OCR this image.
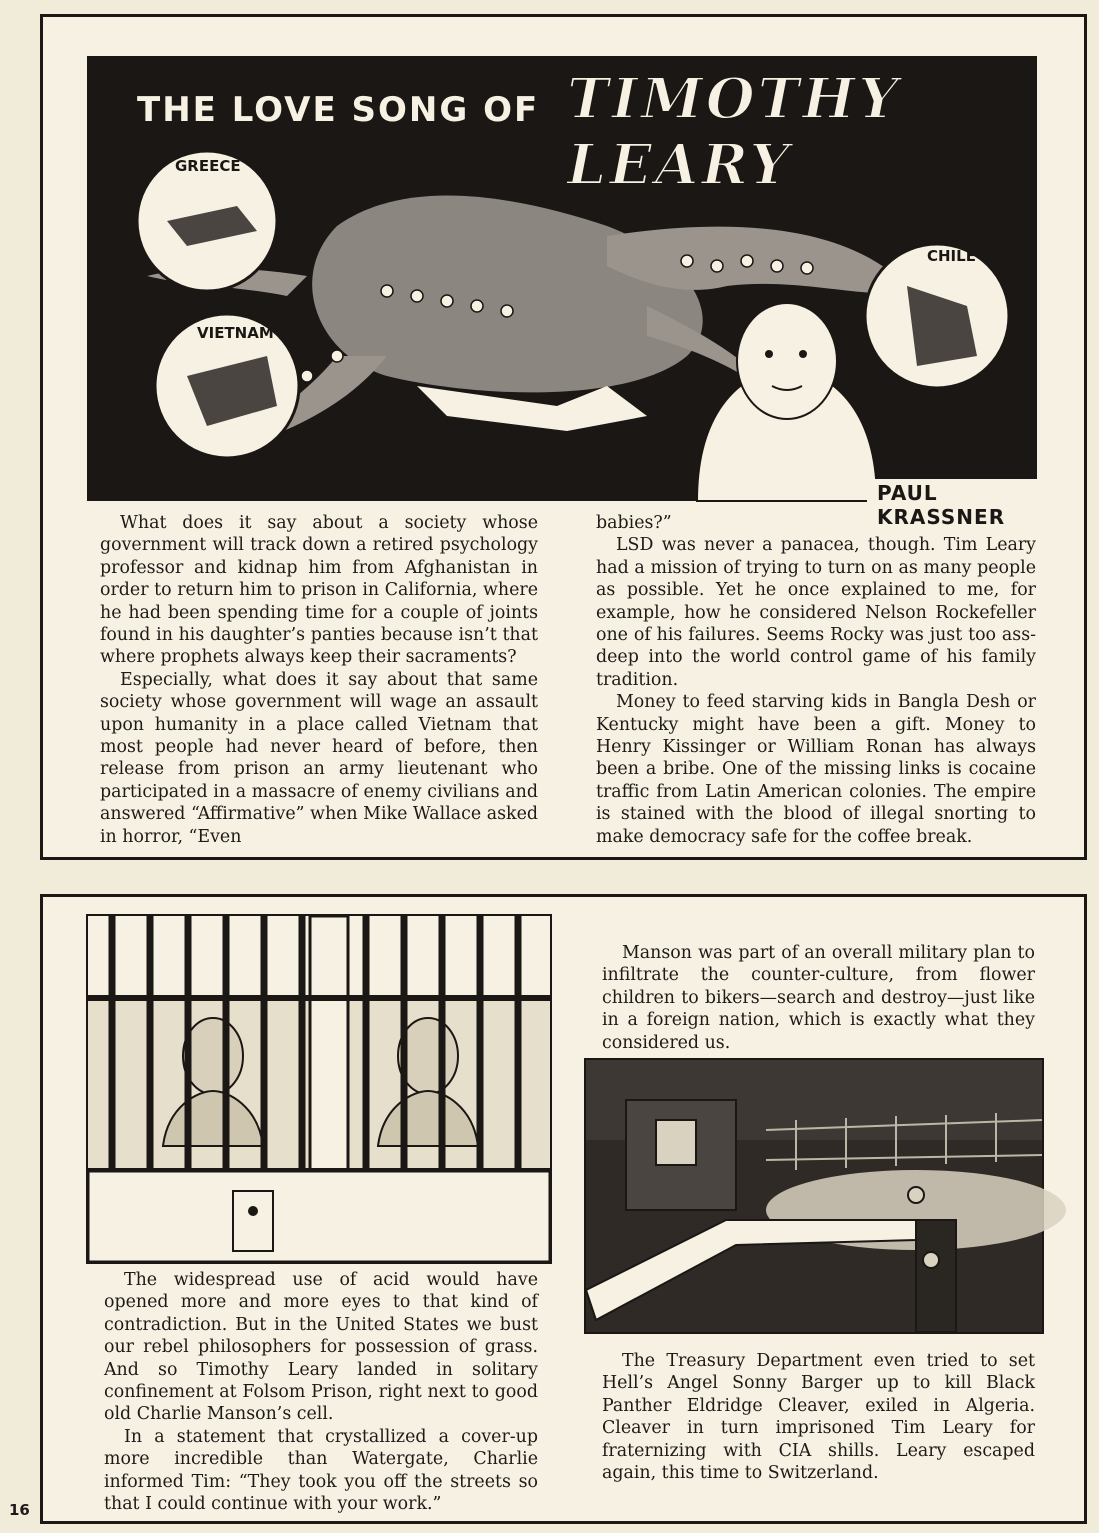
GREECE
VIETNAM
CHILE
THE LOVE SONG OF TIMOTHY LEARY
PAUL KRASSNER

What does it say about a society whose government will track down a retired psychology professor and kidnap him from Afghanistan in order to return him to prison in California, where he had been spending time for a couple of joints found in his daughter’s panties because isn’t that where prophets always keep their sacraments?

Especially, what does it say about that same society whose government will wage an assault upon humanity in a place called Vietnam that most people had never heard of before, then release from prison an army lieutenant who participated in a massacre of enemy civilians and answered “Affirmative” when Mike Wallace asked in horror, “Even

babies?”

LSD was never a panacea, though. Tim Leary had a mission of trying to turn on as many people as possible. Yet he once explained to me, for example, how he considered Nelson Rockefeller one of his failures. Seems Rocky was just too ass-deep into the world control game of his family tradition.

Money to feed starving kids in Bangla Desh or Kentucky might have been a gift. Money to Henry Kissinger or William Ronan has always been a bribe. One of the missing links is cocaine traffic from Latin American colonies. The empire is stained with the blood of illegal snorting to make democracy safe for the coffee break.

The widespread use of acid would have opened more and more eyes to that kind of contradiction. But in the United States we bust our rebel philosophers for possession of grass. And so Timothy Leary landed in solitary confinement at Folsom Prison, right next to good old Charlie Manson’s cell.

In a statement that crystallized a cover-up more incredible than Watergate, Charlie informed Tim: “They took you off the streets so that I could continue with your work.”

Manson was part of an overall military plan to infiltrate the counter-culture, from flower children to bikers—search and destroy—just like in a foreign nation, which is exactly what they considered us.

The Treasury Department even tried to set Hell’s Angel Sonny Barger up to kill Black Panther Eldridge Cleaver, exiled in Algeria. Cleaver in turn imprisoned Tim Leary for fraternizing with CIA shills. Leary escaped again, this time to Switzerland.

16
